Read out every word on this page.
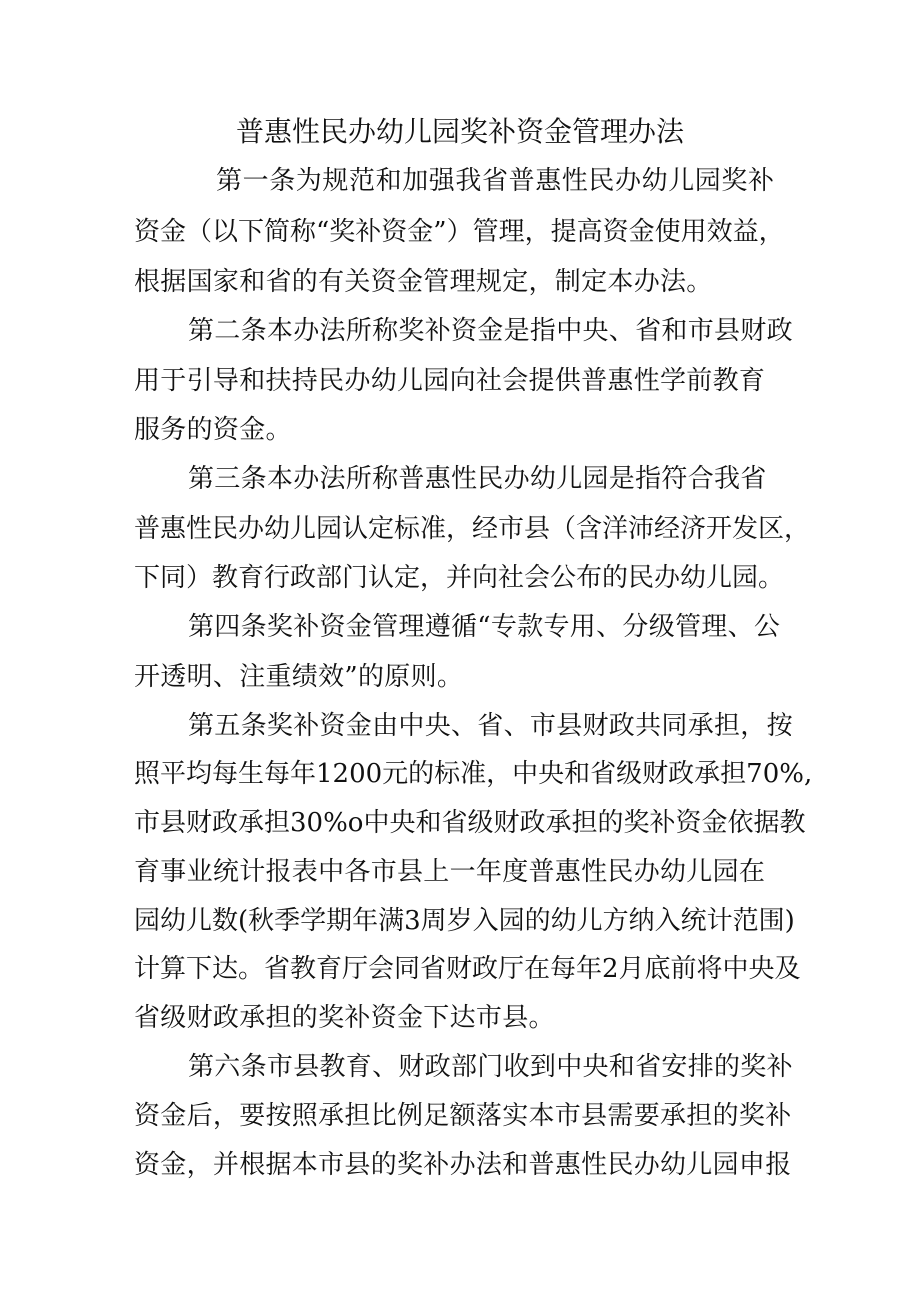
普惠性民办幼儿园奖补资金管理办法
第一条为规范和加强我省普惠性民办幼儿园奖补
资金（以下简称“奖补资金”）管理，提高资金使用效益，
根据国家和省的有关资金管理规定，制定本办法。
第二条本办法所称奖补资金是指中央、省和市县财政
用于引导和扶持民办幼儿园向社会提供普惠性学前教育
服务的资金。
第三条本办法所称普惠性民办幼儿园是指符合我省
普惠性民办幼儿园认定标准，经市县（含洋沛经济开发区，
下同）教育行政部门认定，并向社会公布的民办幼儿园。
第四条奖补资金管理遵循“专款专用、分级管理、公
开透明、注重绩效”的原则。
第五条奖补资金由中央、省、市县财政共同承担，按
照平均每生每年1200元的标准，中央和省级财政承担70%,
市县财政承担30%o中央和省级财政承担的奖补资金依据教
育事业统计报表中各市县上一年度普惠性民办幼儿园在
园幼儿数(秋季学期年满3周岁入园的幼儿方纳入统计范围)
计算下达。省教育厅会同省财政厅在每年2月底前将中央及
省级财政承担的奖补资金下达市县。
第六条市县教育、财政部门收到中央和省安排的奖补
资金后，要按照承担比例足额落实本市县需要承担的奖补
资金，并根据本市县的奖补办法和普惠性民办幼儿园申报
